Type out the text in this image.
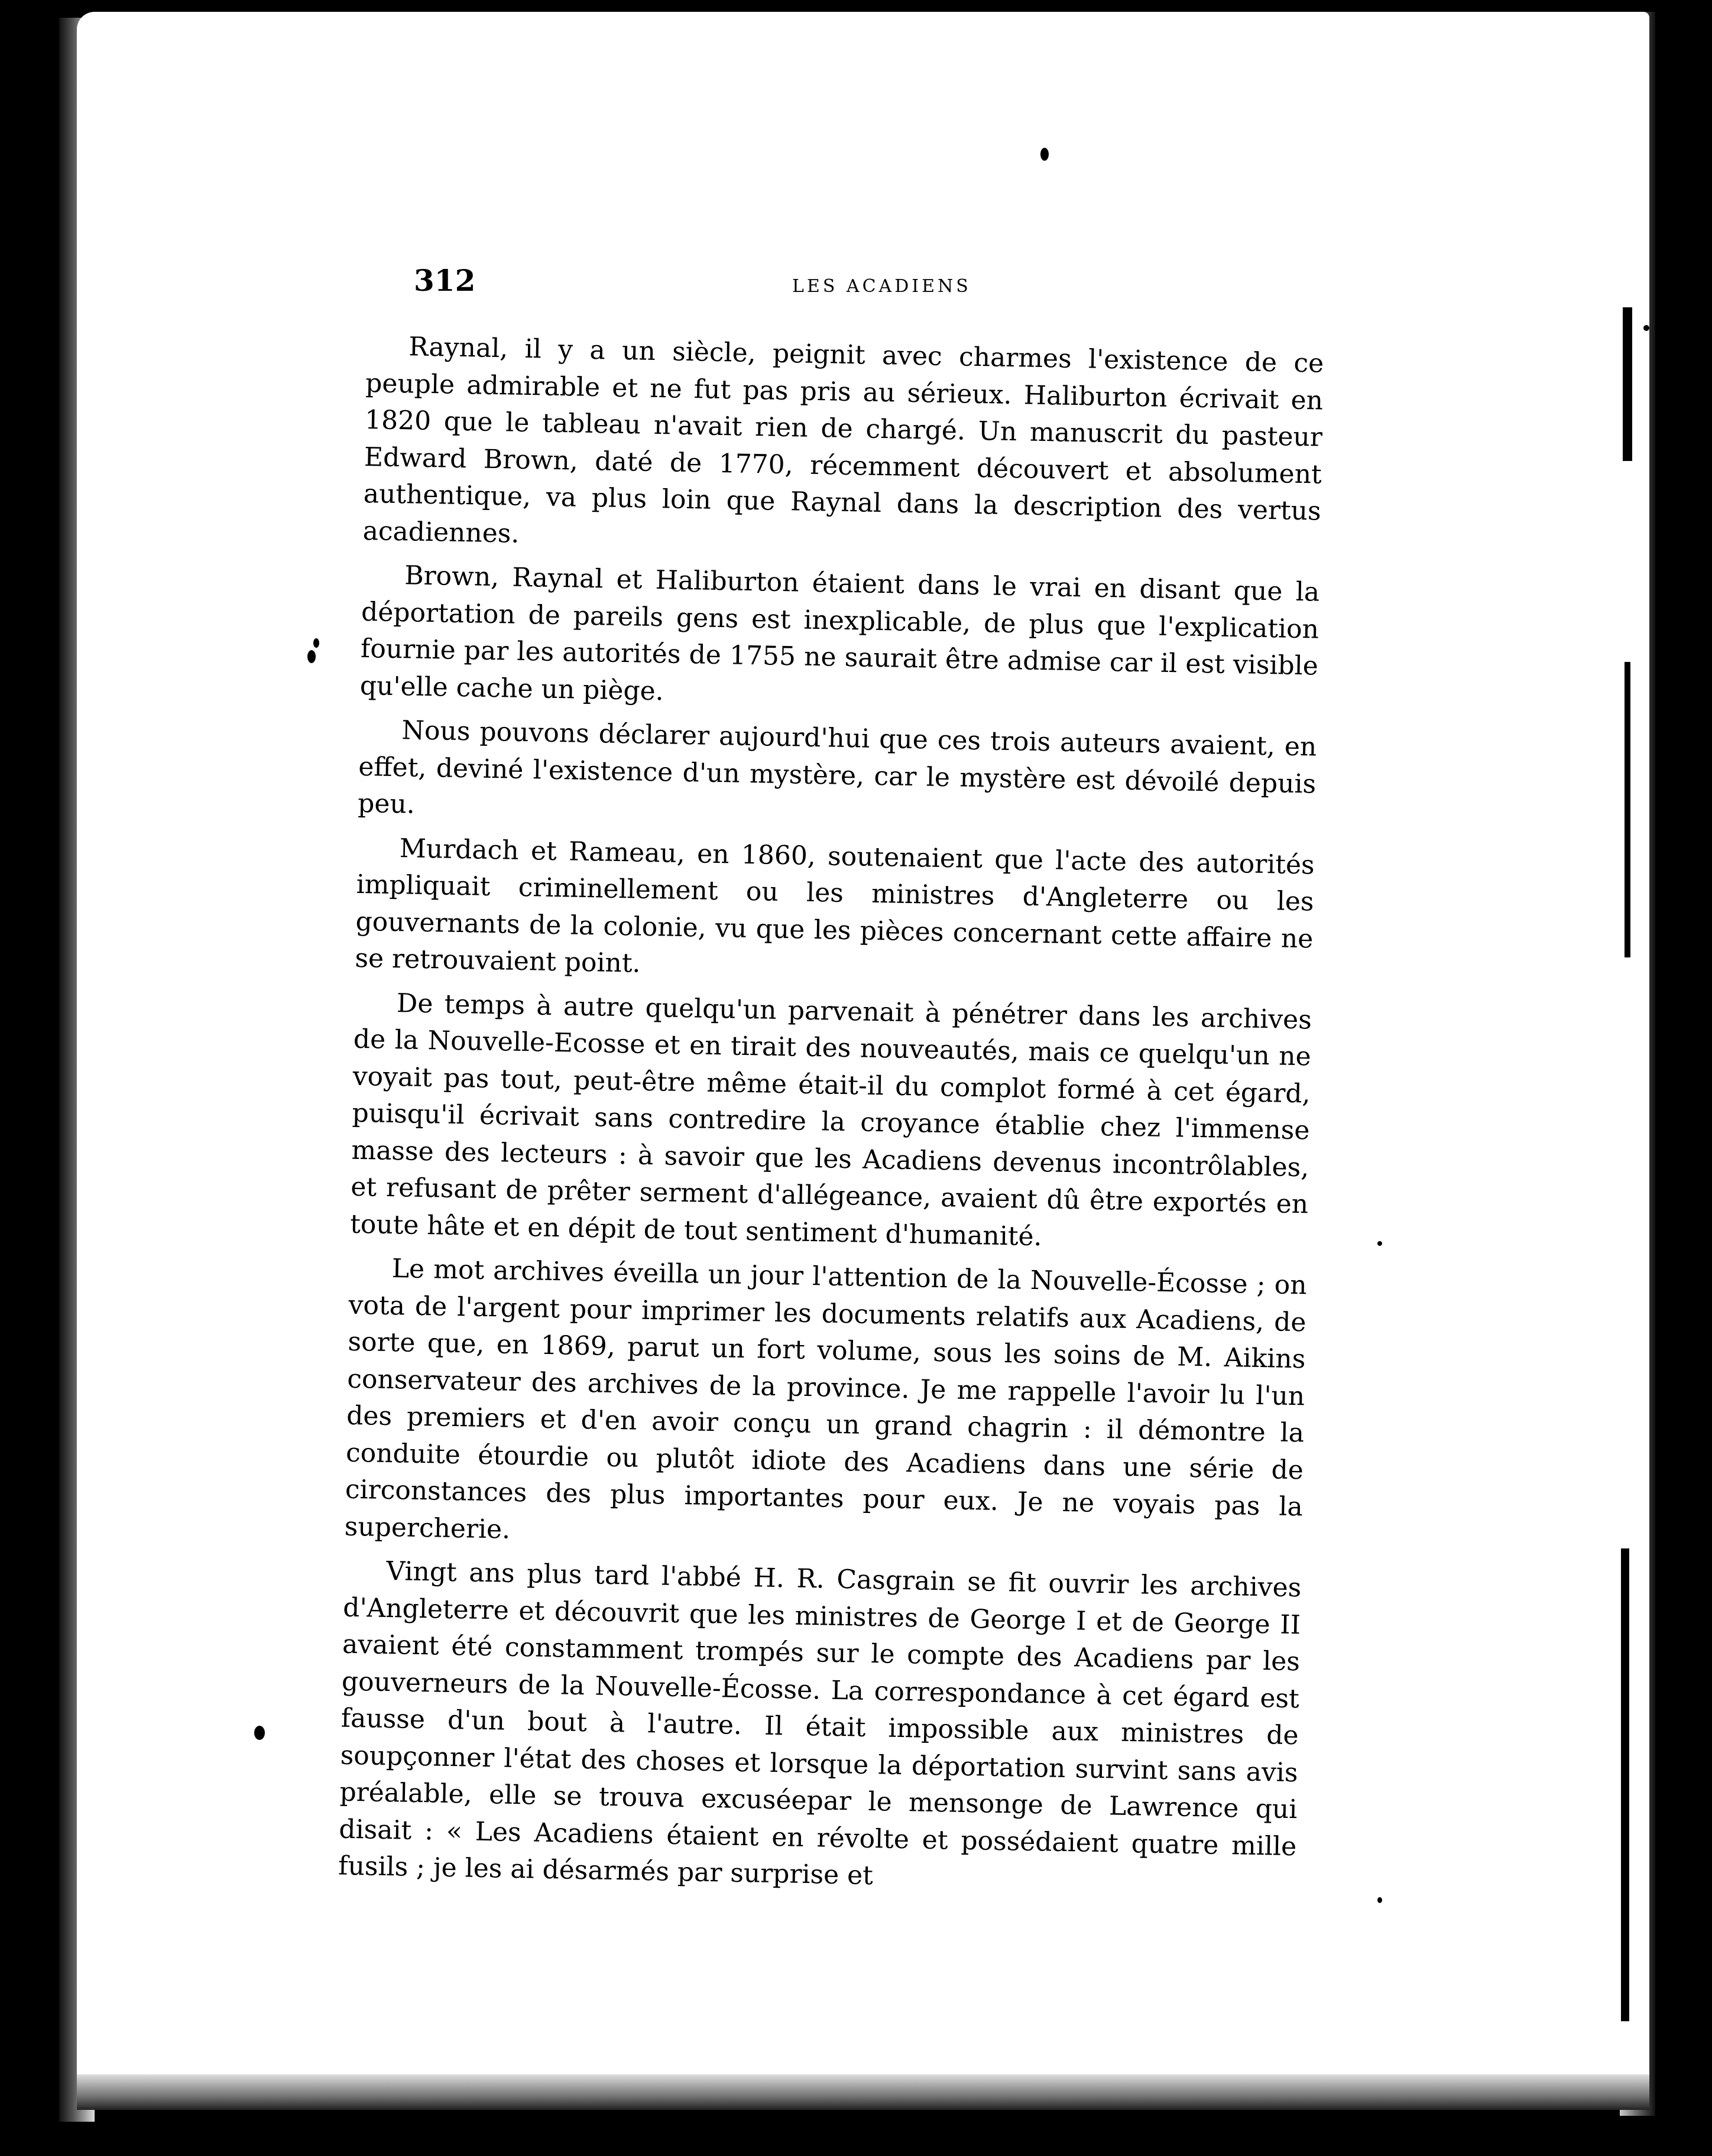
312	LES ACADIENS

Raynal, il y a un siècle, peignit avec charmes l'existence de ce peuple admirable et ne fut pas pris au sérieux. Haliburton écrivait en 1820 que le tableau n'avait rien de chargé. Un manuscrit du pasteur Edward Brown, daté de 1770, récemment découvert et absolument authentique, va plus loin que Raynal dans la description des vertus acadiennes.

Brown, Raynal et Haliburton étaient dans le vrai en disant que la déportation de pareils gens est inexplicable, de plus que l'explication fournie par les autorités de 1755 ne saurait être admise car il est visible qu'elle cache un piège.

Nous pouvons déclarer aujourd'hui que ces trois auteurs avaient, en effet, deviné l'existence d'un mystère, car le mystère est dévoilé depuis peu.

Murdach et Rameau, en 1860, soutenaient que l'acte des autorités impliquait criminellement ou les ministres d'Angleterre ou les gouvernants de la colonie, vu que les pièces concernant cette affaire ne se retrouvaient point.

De temps à autre quelqu'un parvenait à pénétrer dans les archives de la Nouvelle-Ecosse et en tirait des nouveautés, mais ce quelqu'un ne voyait pas tout, peut-être même était-il du complot formé à cet égard, puisqu'il écrivait sans contredire la croyance établie chez l'immense masse des lecteurs : à savoir que les Acadiens devenus incontrôlables, et refusant de prêter serment d'allégeance, avaient dû être exportés en toute hâte et en dépit de tout sentiment d'humanité.

Le mot archives éveilla un jour l'attention de la Nouvelle-Écosse ; on vota de l'argent pour imprimer les documents relatifs aux Acadiens, de sorte que, en 1869, parut un fort volume, sous les soins de M. Aikins conservateur des archives de la province. Je me rappelle l'avoir lu l'un des premiers et d'en avoir conçu un grand chagrin : il démontre la conduite étourdie ou plutôt idiote des Acadiens dans une série de circonstances des plus importantes pour eux. Je ne voyais pas la supercherie.

Vingt ans plus tard l'abbé H. R. Casgrain se fit ouvrir les archives d'Angleterre et découvrit que les ministres de George I et de George II avaient été constamment trompés sur le compte des Acadiens par les gouverneurs de la Nouvelle-Écosse. La correspondance à cet égard est fausse d'un bout à l'autre. Il était impossible aux ministres de soupçonner l'état des choses et lorsque la déportation survint sans avis préalable, elle se trouva excuséepar le mensonge de Lawrence qui disait : « Les Acadiens étaient en révolte et possédaient quatre mille fusils ; je les ai désarmés par surprise et
